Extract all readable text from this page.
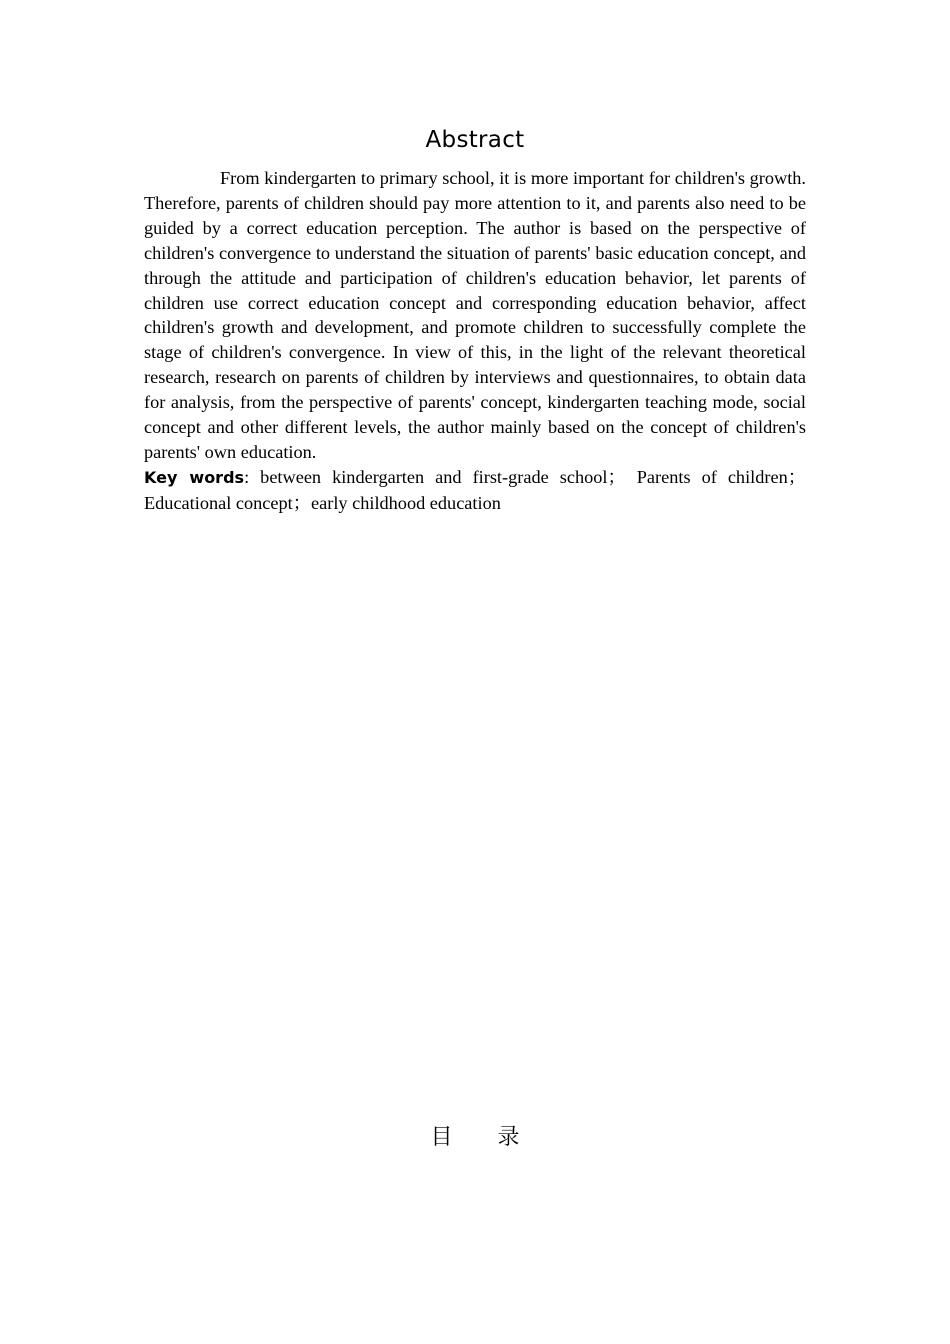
Abstract

From kindergarten to primary school, it is more important for children's growth. Therefore, parents of children should pay more attention to it, and parents also need to be guided by a correct education perception. The author is based on the perspective of children's convergence to understand the situation of parents' basic education concept, and through the attitude and participation of children's education behavior, let parents of children use correct education concept and corresponding education behavior, affect children's growth and development, and promote children to successfully complete the stage of children's convergence. In view of this, in the light of the relevant theoretical research, research on parents of children by interviews and questionnaires, to obtain data for analysis, from the perspective of parents' concept, kindergarten teaching mode, social concept and other different levels, the author mainly based on the concept of children's parents' own education.

Key words: between kindergarten and first-grade school； Parents of children；Educational concept；early childhood education

目 录
